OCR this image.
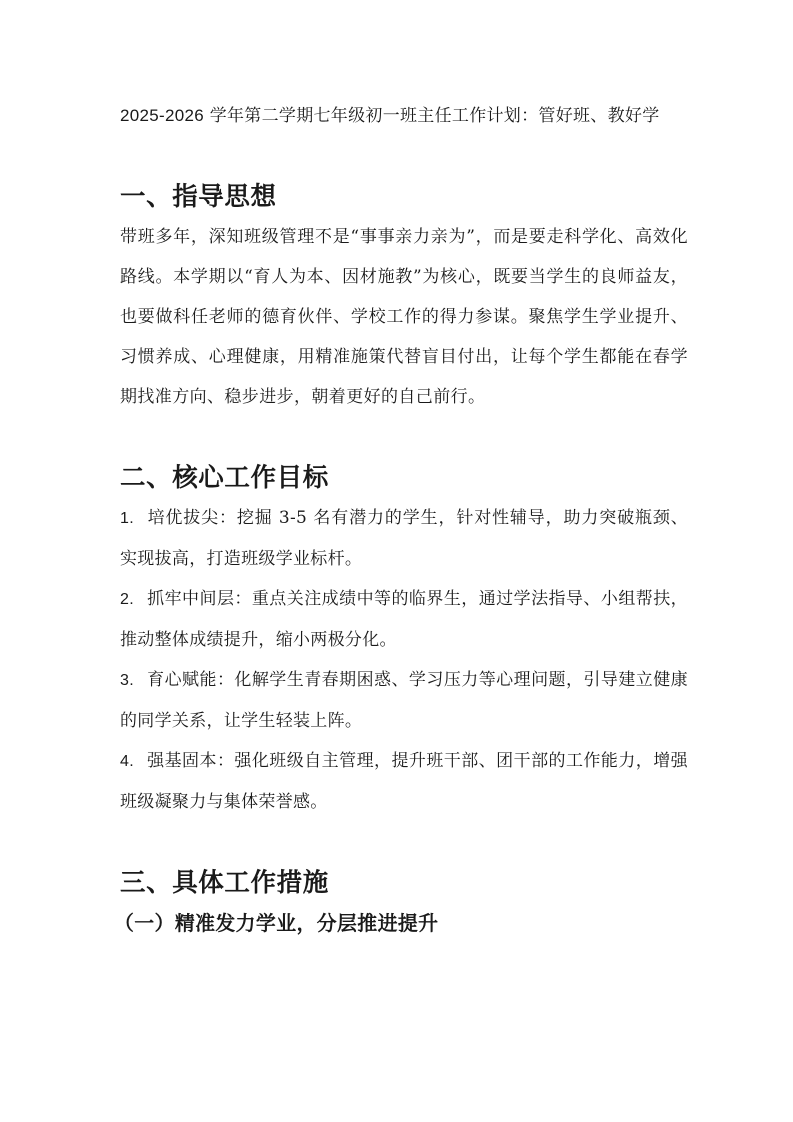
2025-2026 学年第二学期七年级初一班主任工作计划：管好班、教好学
一、指导思想

带班多年，深知班级管理不是“事事亲力亲为”，而是要走科学化、高效化路线。本学期以“育人为本、因材施教”为核心，既要当学生的良师益友，也要做科任老师的德育伙伴、学校工作的得力参谋。聚焦学生学业提升、习惯养成、心理健康，用精准施策代替盲目付出，让每个学生都能在春学期找准方向、稳步进步，朝着更好的自己前行。

二、核心工作目标

1. 培优拔尖：挖掘 3-5 名有潜力的学生，针对性辅导，助力突破瓶颈、实现拔高，打造班级学业标杆。

2. 抓牢中间层：重点关注成绩中等的临界生，通过学法指导、小组帮扶，推动整体成绩提升，缩小两极分化。

3. 育心赋能：化解学生青春期困惑、学习压力等心理问题，引导建立健康的同学关系，让学生轻装上阵。

4. 强基固本：强化班级自主管理，提升班干部、团干部的工作能力，增强班级凝聚力与集体荣誉感。

三、具体工作措施
（一）精准发力学业，分层推进提升
